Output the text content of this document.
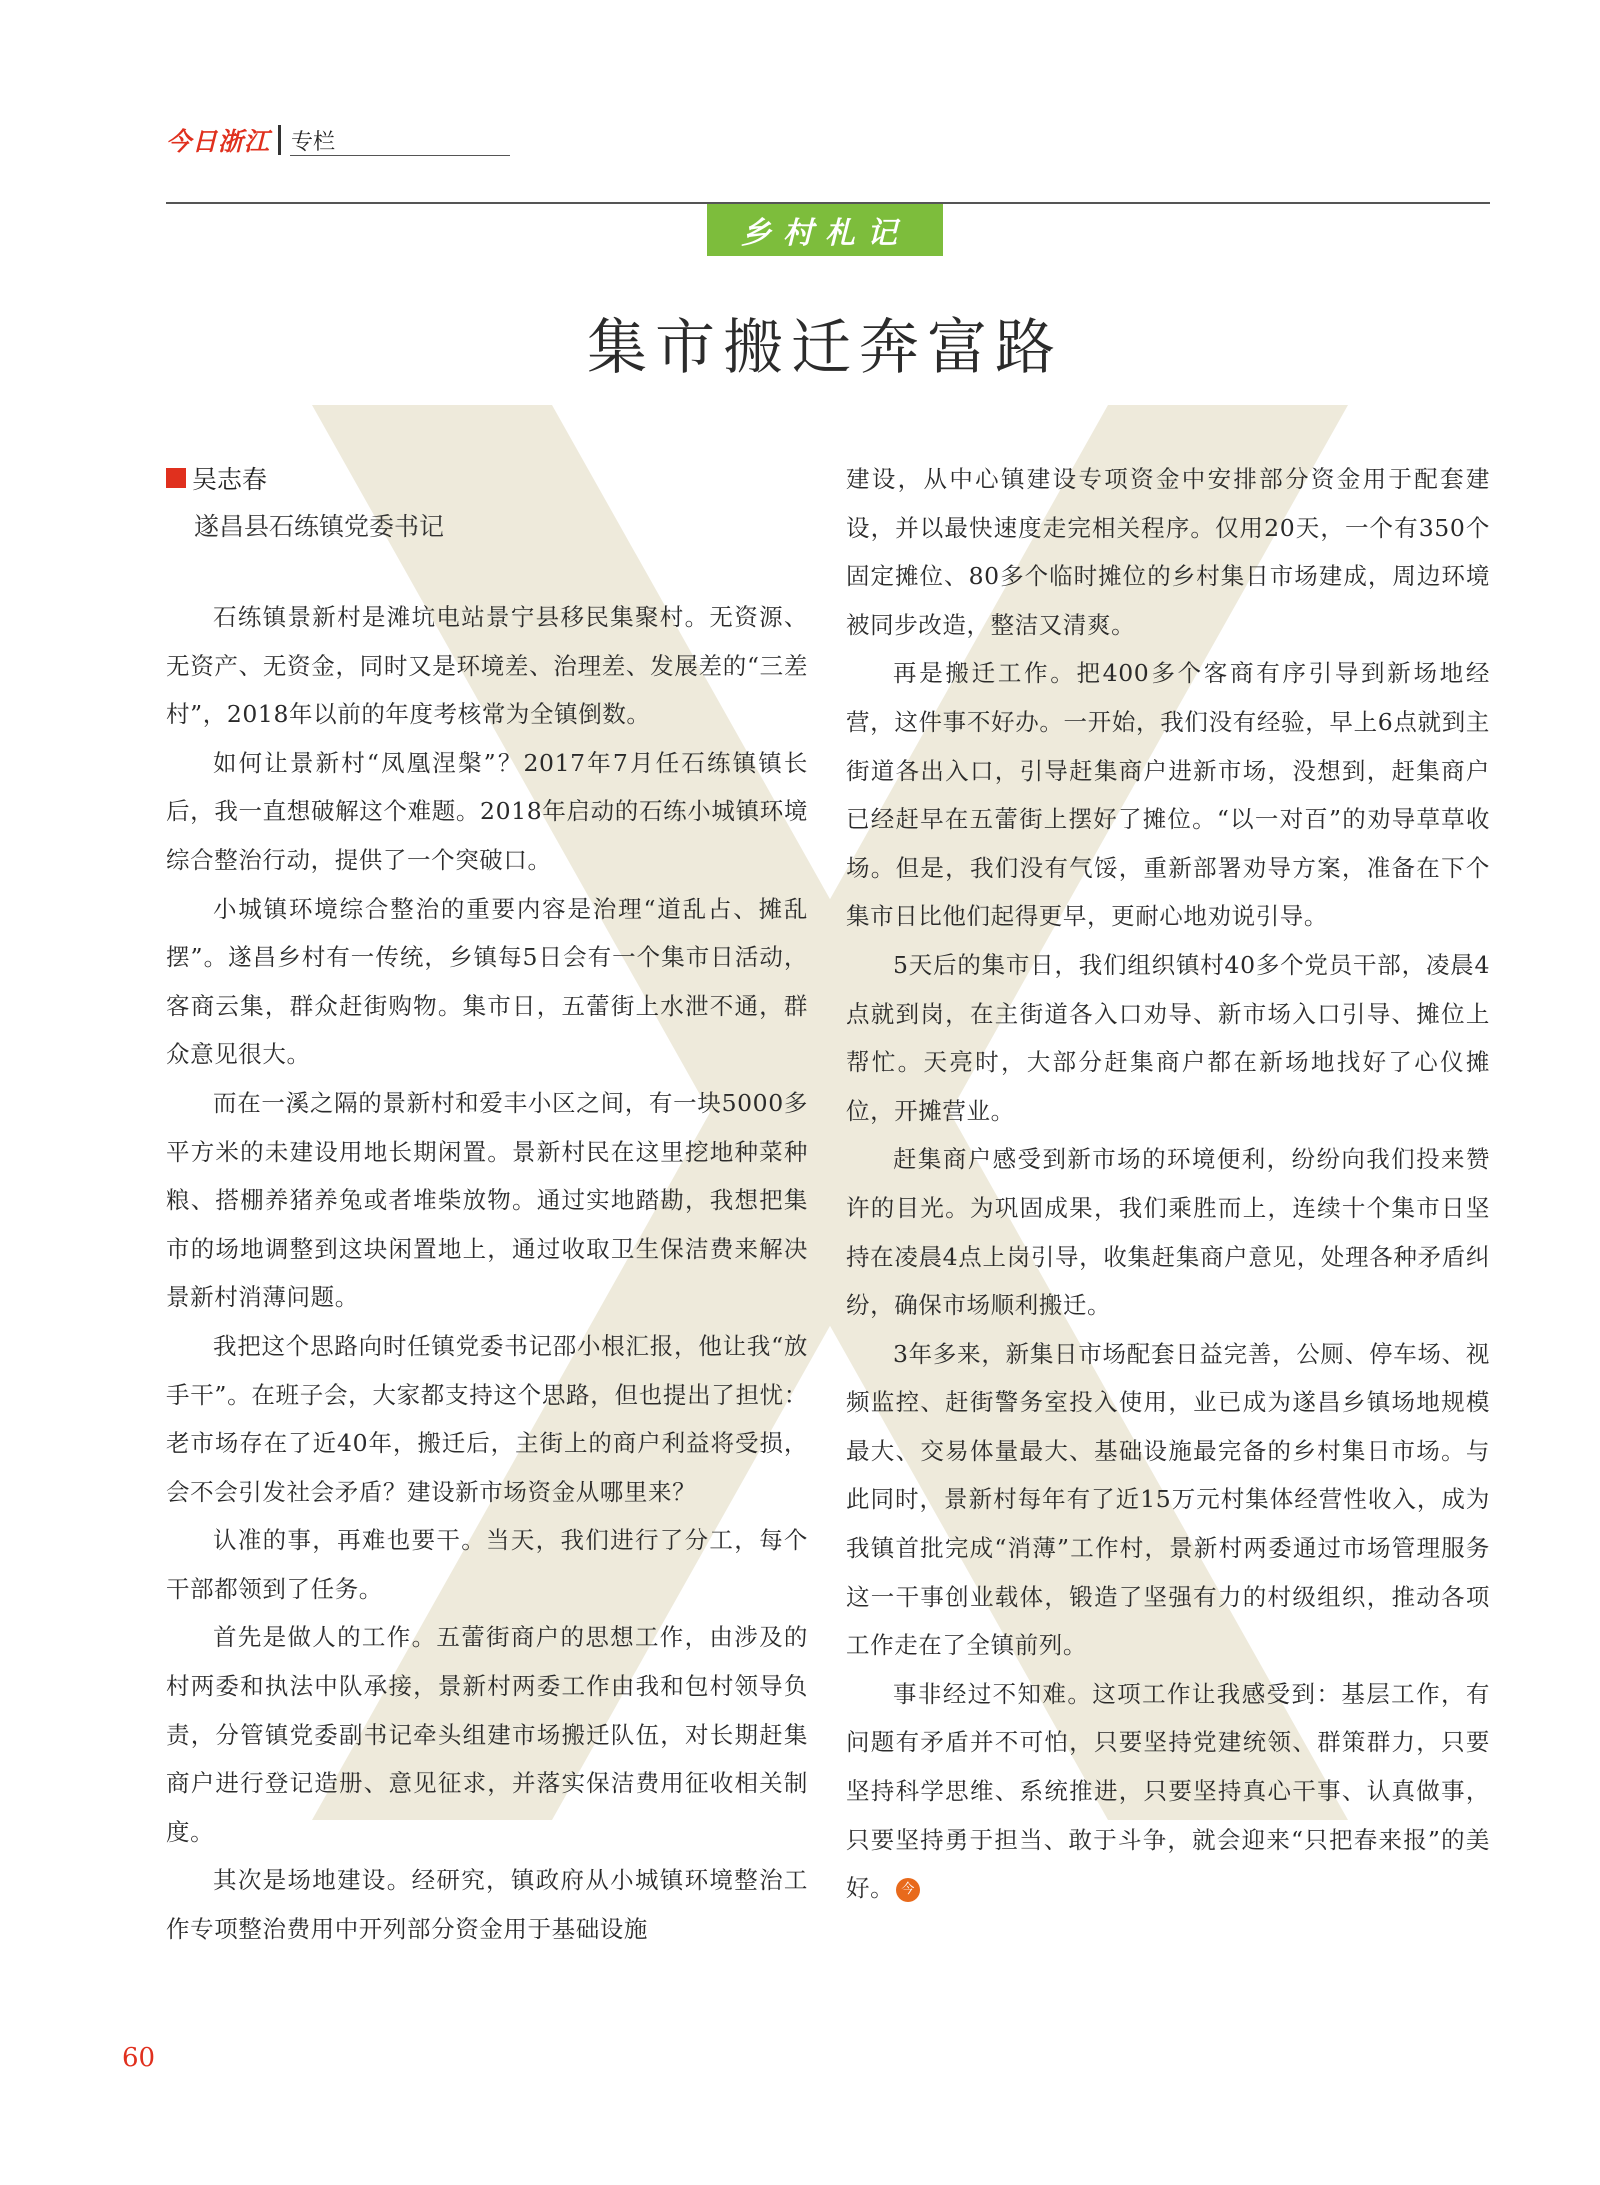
今日浙江 专栏
乡村札记
集市搬迁奔富路
吴志春
遂昌县石练镇党委书记

石练镇景新村是滩坑电站景宁县移民集聚村。无资源、无资产、无资金，同时又是环境差、治理差、发展差的“三差村”，2018年以前的年度考核常为全镇倒数。

如何让景新村“凤凰涅槃”？2017年7月任石练镇镇长后，我一直想破解这个难题。2018年启动的石练小城镇环境综合整治行动，提供了一个突破口。

小城镇环境综合整治的重要内容是治理“道乱占、摊乱摆”。遂昌乡村有一传统，乡镇每5日会有一个集市日活动，客商云集，群众赶街购物。集市日，五蕾街上水泄不通，群众意见很大。

而在一溪之隔的景新村和爱丰小区之间，有一块5000多平方米的未建设用地长期闲置。景新村民在这里挖地种菜种粮、搭棚养猪养兔或者堆柴放物。通过实地踏勘，我想把集市的场地调整到这块闲置地上，通过收取卫生保洁费来解决景新村消薄问题。

我把这个思路向时任镇党委书记邵小根汇报，他让我“放手干”。在班子会，大家都支持这个思路，但也提出了担忧：老市场存在了近40年，搬迁后，主街上的商户利益将受损，会不会引发社会矛盾？建设新市场资金从哪里来？

认准的事，再难也要干。当天，我们进行了分工，每个干部都领到了任务。

首先是做人的工作。五蕾街商户的思想工作，由涉及的村两委和执法中队承接，景新村两委工作由我和包村领导负责，分管镇党委副书记牵头组建市场搬迁队伍，对长期赶集商户进行登记造册、意见征求，并落实保洁费用征收相关制度。

其次是场地建设。经研究，镇政府从小城镇环境整治工作专项整治费用中开列部分资金用于基础设施

建设，从中心镇建设专项资金中安排部分资金用于配套建设，并以最快速度走完相关程序。仅用20天，一个有350个固定摊位、80多个临时摊位的乡村集日市场建成，周边环境被同步改造，整洁又清爽。

再是搬迁工作。把400多个客商有序引导到新场地经营，这件事不好办。一开始，我们没有经验，早上6点就到主街道各出入口，引导赶集商户进新市场，没想到，赶集商户已经赶早在五蕾街上摆好了摊位。“以一对百”的劝导草草收场。但是，我们没有气馁，重新部署劝导方案，准备在下个集市日比他们起得更早，更耐心地劝说引导。

5天后的集市日，我们组织镇村40多个党员干部，凌晨4点就到岗，在主街道各入口劝导、新市场入口引导、摊位上帮忙。天亮时，大部分赶集商户都在新场地找好了心仪摊位，开摊营业。

赶集商户感受到新市场的环境便利，纷纷向我们投来赞许的目光。为巩固成果，我们乘胜而上，连续十个集市日坚持在凌晨4点上岗引导，收集赶集商户意见，处理各种矛盾纠纷，确保市场顺利搬迁。

3年多来，新集日市场配套日益完善，公厕、停车场、视频监控、赶街警务室投入使用，业已成为遂昌乡镇场地规模最大、交易体量最大、基础设施最完备的乡村集日市场。与此同时，景新村每年有了近15万元村集体经营性收入，成为我镇首批完成“消薄”工作村，景新村两委通过市场管理服务这一干事创业载体，锻造了坚强有力的村级组织，推动各项工作走在了全镇前列。

事非经过不知难。这项工作让我感受到：基层工作，有问题有矛盾并不可怕，只要坚持党建统领、群策群力，只要坚持科学思维、系统推进，只要坚持真心干事、认真做事，只要坚持勇于担当、敢于斗争，就会迎来“只把春来报”的美好。 今

60
